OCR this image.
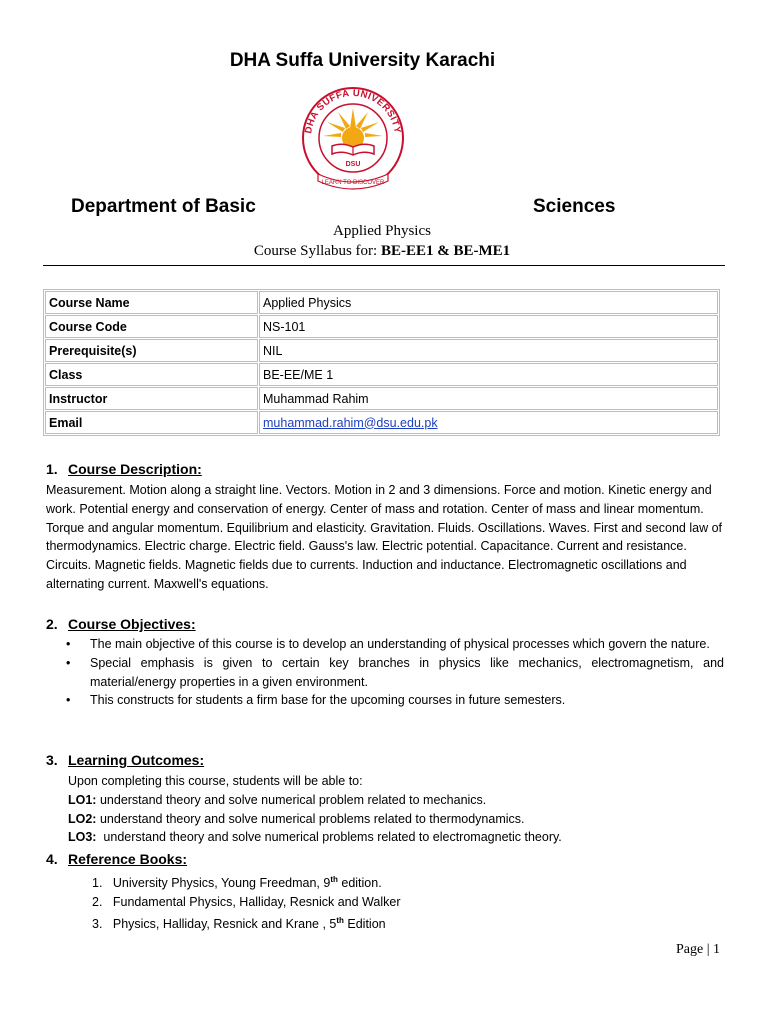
DHA Suffa University Karachi
DHA SUFFA UNIVERSITY
DSU
LEARN TO DISCOVER
Department of Basic	Sciences
Applied Physics
Course Syllabus for: BE-EE1 & BE-ME1
Course Name	Applied Physics
Course Code	NS-101
Prerequisite(s)	NIL
Class	BE-EE/ME 1
Instructor	Muhammad Rahim
Email	muhammad.rahim@dsu.edu.pk
1. Course Description:
Measurement. Motion along a straight line. Vectors. Motion in 2 and 3 dimensions. Force and motion. Kinetic energy and work. Potential energy and conservation of energy. Center of mass and rotation. Center of mass and linear momentum. Torque and angular momentum. Equilibrium and elasticity. Gravitation. Fluids. Oscillations. Waves. First and second law of thermodynamics. Electric charge. Electric field. Gauss's law. Electric potential. Capacitance. Current and resistance. Circuits. Magnetic fields. Magnetic fields due to currents. Induction and inductance. Electromagnetic oscillations and alternating current. Maxwell's equations.
2. Course Objectives:
• The main objective of this course is to develop an understanding of physical processes which govern the nature.
• Special emphasis is given to certain key branches in physics like mechanics, electromagnetism, and material/energy properties in a given environment.
• This constructs for students a firm base for the upcoming courses in future semesters.
3. Learning Outcomes:
Upon completing this course, students will be able to:
LO1: understand theory and solve numerical problem related to mechanics.
LO2: understand theory and solve numerical problems related to thermodynamics.
LO3:  understand theory and solve numerical problems related to electromagnetic theory.
4. Reference Books:
1. University Physics, Young Freedman, 9th edition.
2. Fundamental Physics, Halliday, Resnick and Walker
3. Physics, Halliday, Resnick and Krane , 5th Edition
Page | 1
